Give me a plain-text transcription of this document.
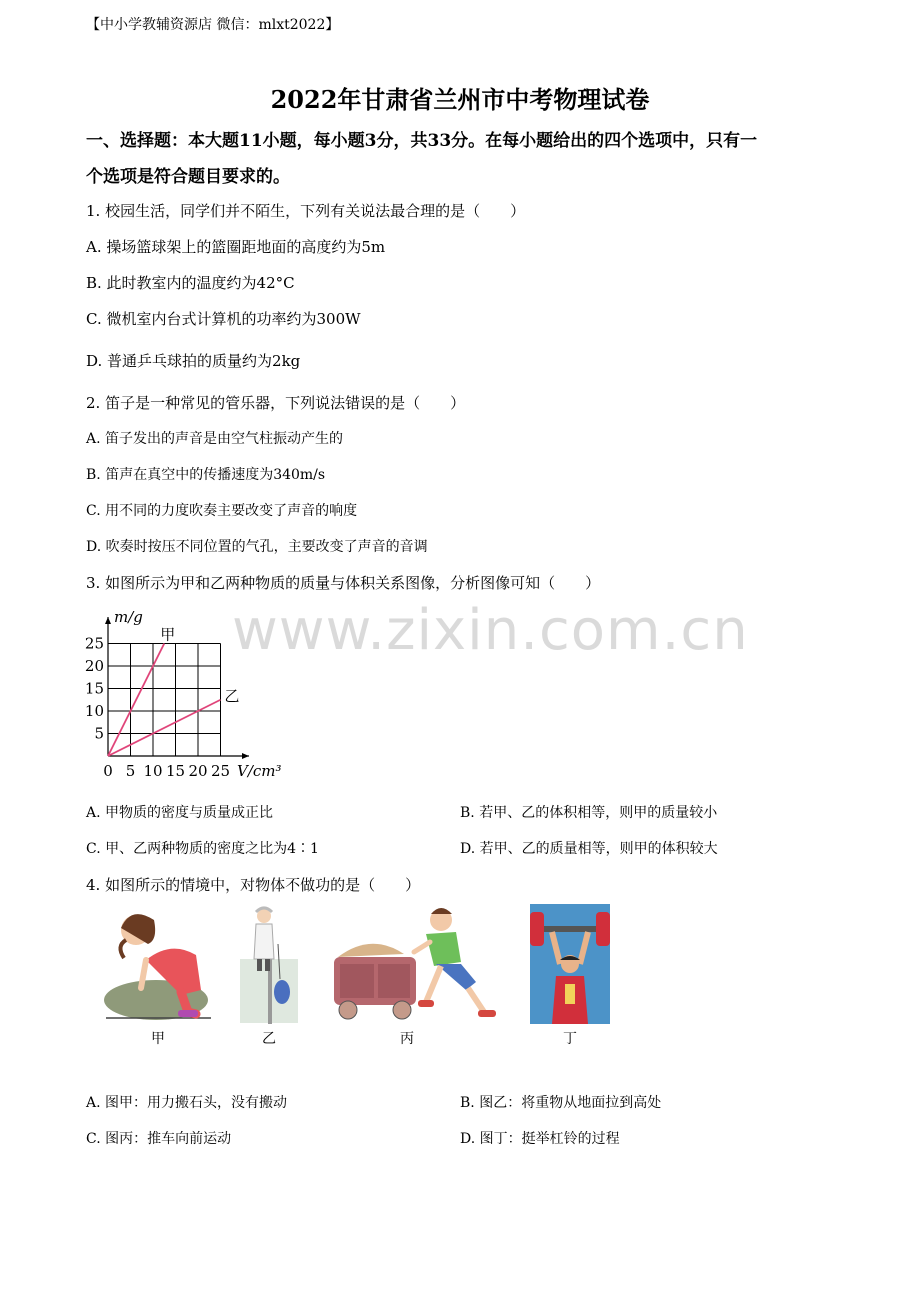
【中小学教辅资源店 微信：mlxt2022】
2022年甘肃省兰州市中考物理试卷
一、选择题：本大题11小题，每小题3分，共33分。在每小题给出的四个选项中，只有一
个选项是符合题目要求的。
1. 校园生活，同学们并不陌生，下列有关说法最合理的是（　　）
A. 操场篮球架上的篮圈距地面的高度约为5m
B. 此时教室内的温度约为42°C
C. 微机室内台式计算机的功率约为300W
D. 普通乒乓球拍的质量约为2kg
2. 笛子是一种常见的管乐器，下列说法错误的是（　　）
A. 笛子发出的声音是由空气柱振动产生的
B. 笛声在真空中的传播速度为340m/s
C. 用不同的力度吹奏主要改变了声音的响度
D. 吹奏时按压不同位置的气孔，主要改变了声音的音调
3. 如图所示为甲和乙两种物质的质量与体积关系图像，分析图像可知（　　）
甲
乙
0 5 10 15 20 25
5
10
15
20
25
V/cm³
m/g www.zixin.com.cn
A. 甲物质的密度与质量成正比	B. 若甲、乙的体积相等，则甲的质量较小
C. 甲、乙两种物质的密度之比为4∶1	D. 若甲、乙的质量相等，则甲的体积较大
4. 如图所示的情境中，对物体不做功的是（　　）
甲	乙	丙	丁
A. 图甲：用力搬石头，没有搬动	B. 图乙：将重物从地面拉到高处
C. 图丙：推车向前运动	D. 图丁：挺举杠铃的过程
